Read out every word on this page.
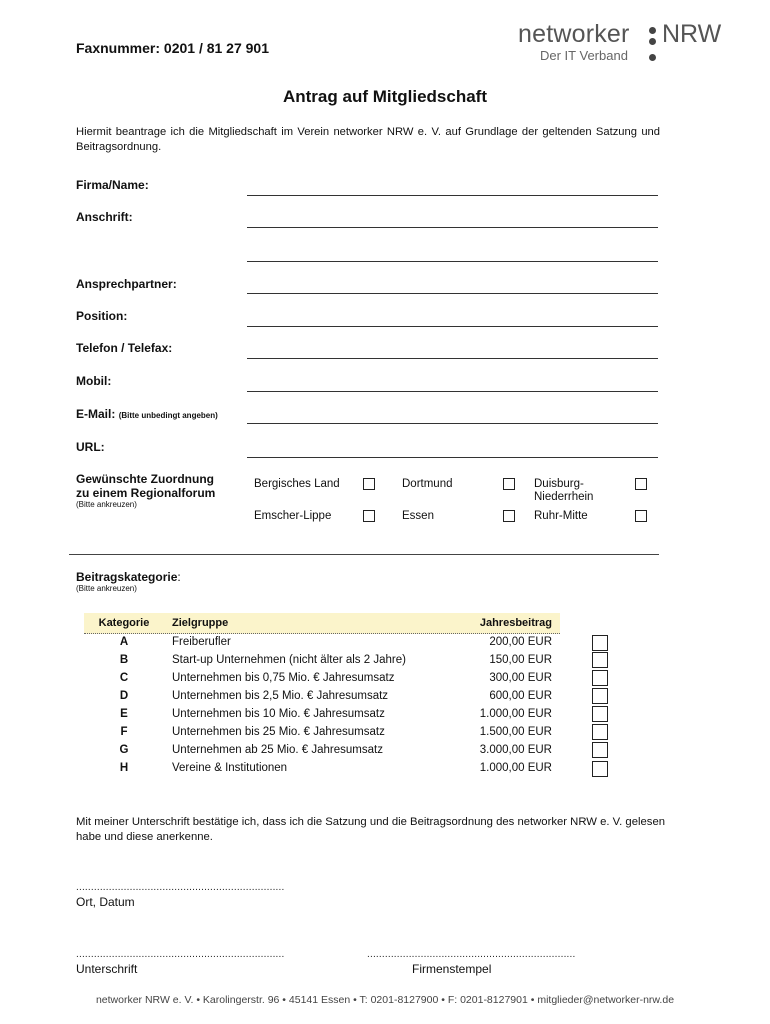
Faxnummer: 0201 / 81 27 901	networker NRW
Der IT Verband
Antrag auf Mitgliedschaft
Hiermit beantrage ich die Mitgliedschaft im Verein networker NRW e. V. auf Grundlage der geltenden Satzung und Beitragsordnung.
Firma/Name:
Anschrift:
Ansprechpartner:
Position:
Telefon / Telefax:
Mobil:
E-Mail: (Bitte unbedingt angeben)
URL:
Gewünschte Zuordnung
zu einem Regionalforum
(Bitte ankreuzen)
Bergisches Land	Dortmund	Duisburg-
Niederrhein
Emscher-Lippe	Essen	Ruhr-Mitte
Beitragskategorie:
(Bitte ankreuzen)
Kategorie	Zielgruppe	Jahresbeitrag
A	Freiberufler	200,00 EUR
B	Start-up Unternehmen (nicht älter als 2 Jahre)	150,00 EUR
C	Unternehmen bis 0,75 Mio. € Jahresumsatz	300,00 EUR
D	Unternehmen bis 2,5 Mio. € Jahresumsatz	600,00 EUR
E	Unternehmen bis 10 Mio. € Jahresumsatz	1.000,00 EUR
F	Unternehmen bis 25 Mio. € Jahresumsatz	1.500,00 EUR
G	Unternehmen ab 25 Mio. € Jahresumsatz	3.000,00 EUR
H	Vereine & Institutionen	1.000,00 EUR
Mit meiner Unterschrift bestätige ich, dass ich die Satzung und die Beitragsordnung des networker NRW e. V. gelesen habe und diese anerkenne.
......................................................................
Ort, Datum
......................................................................
Unterschrift
......................................................................
Firmenstempel
networker NRW e. V. • Karolingerstr. 96 • 45141 Essen • T: 0201-8127900 • F: 0201-8127901 • mitglieder@networker-nrw.de
